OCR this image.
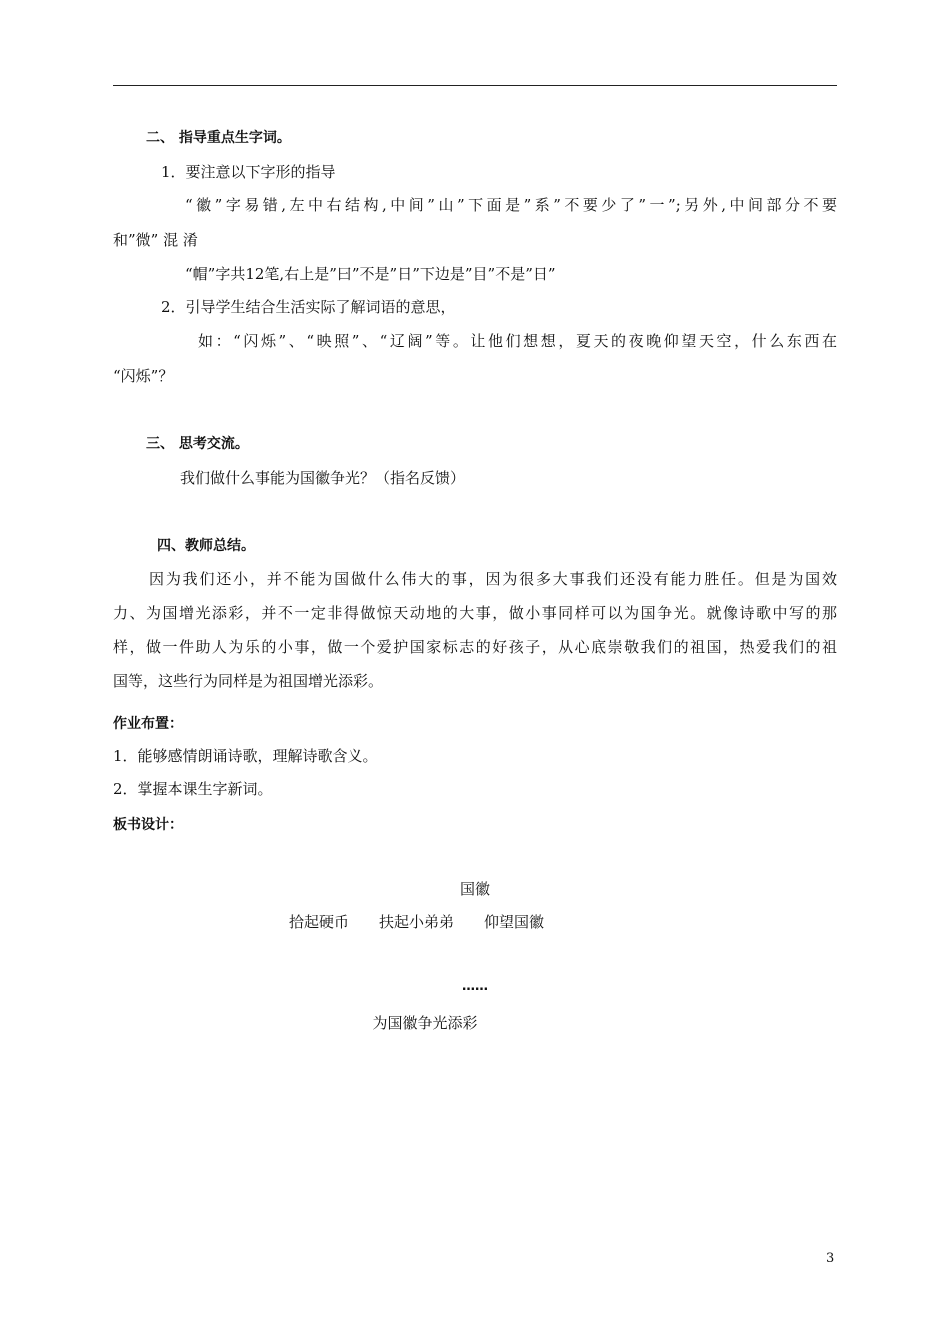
二、 指导重点生字词。
1．要注意以下字形的指导
“徽”字易错,左中右结构,中间”山”下面是”系”不要少了”一”;另外,中间部分不要
和”微” 混 淆
“帽”字共12笔,右上是”曰”不是”日”下边是”目”不是”日”
2．引导学生结合生活实际了解词语的意思，
如：“闪烁”、“映照”、“辽阔”等。让他们想想，夏天的夜晚仰望天空，什么东西在
“闪烁”？
三、 思考交流。
我们做什么事能为国徽争光？（指名反馈）
四、教师总结。
因为我们还小，并不能为国做什么伟大的事，因为很多大事我们还没有能力胜任。但是为国效
力、为国增光添彩，并不一定非得做惊天动地的大事，做小事同样可以为国争光。就像诗歌中写的那
样，做一件助人为乐的小事，做一个爱护国家标志的好孩子，从心底崇敬我们的祖国，热爱我们的祖
国等，这些行为同样是为祖国增光添彩。
作业布置：
1．能够感情朗诵诗歌，理解诗歌含义。
2．掌握本课生字新词。
板书设计：
国徽
拾起硬币　　扶起小弟弟　　仰望国徽
……
为国徽争光添彩
3
